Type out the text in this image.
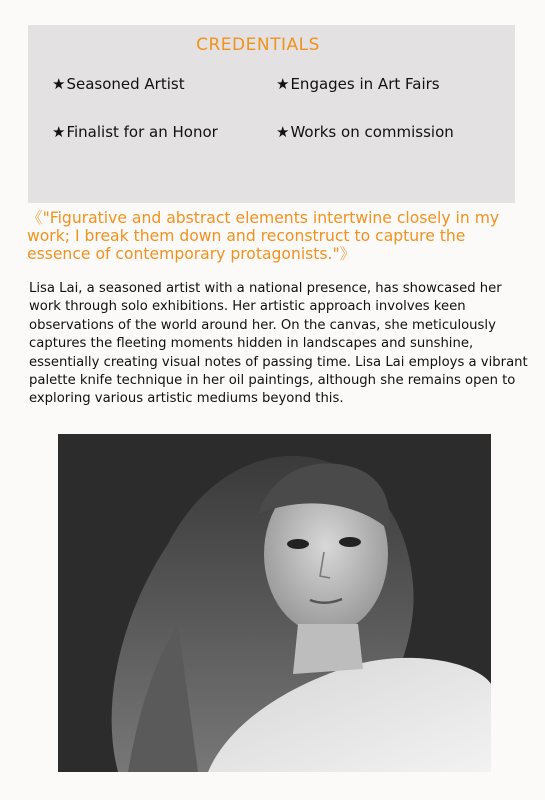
CREDENTIALS
★Seasoned Artist	★Engages in Art Fairs
★Finalist for an Honor	★Works on commission
《"Figurative and abstract elements intertwine closely in my work; I break them down and reconstruct to capture the essence of contemporary protagonists."》
Lisa Lai, a seasoned artist with a national presence, has showcased her work through solo exhibitions. Her artistic approach involves keen observations of the world around her. On the canvas, she meticulously captures the fleeting moments hidden in landscapes and sunshine, essentially creating visual notes of passing time. Lisa Lai employs a vibrant palette knife technique in her oil paintings, although she remains open to exploring various artistic mediums beyond this.
